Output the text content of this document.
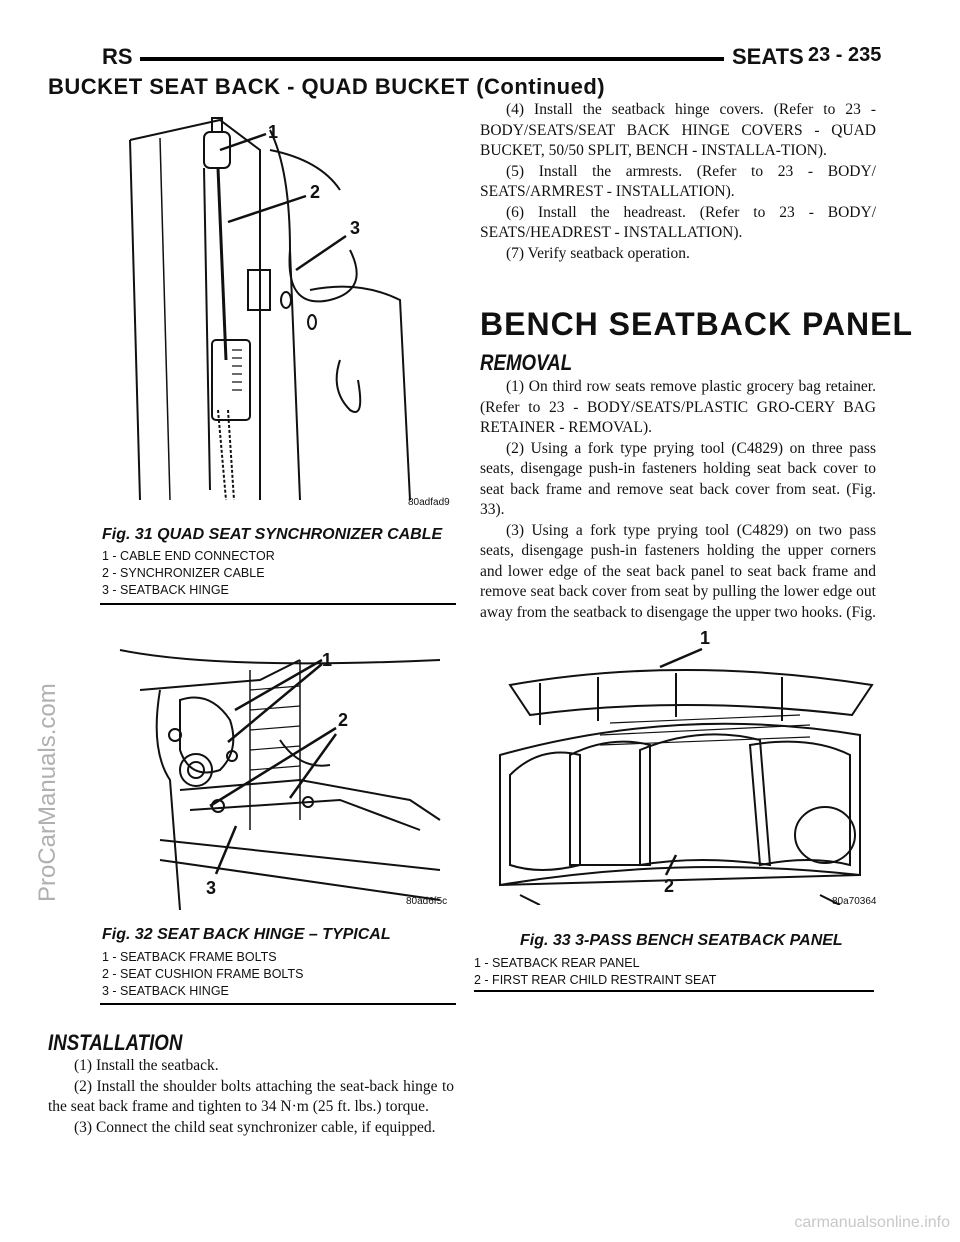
RS	SEATS 23 - 235
BUCKET SEAT BACK - QUAD BUCKET (Continued)
ProCarManuals.com
1
2
3
80adfad9
Fig. 31 QUAD SEAT SYNCHRONIZER CABLE
1 - CABLE END CONNECTOR
2 - SYNCHRONIZER CABLE
3 - SEATBACK HINGE
1
2
3
80ad6f5c
Fig. 32 SEAT BACK HINGE – TYPICAL
1 - SEATBACK FRAME BOLTS
2 - SEAT CUSHION FRAME BOLTS
3 - SEATBACK HINGE
INSTALLATION

(1) Install the seatback.

(2) Install the shoulder bolts attaching the seat-back hinge to the seat back frame and tighten to 34 N·m (25 ft. lbs.) torque.

(3) Connect the child seat synchronizer cable, if equipped.

(4) Install the seatback hinge covers. (Refer to 23 - BODY/SEATS/SEAT BACK HINGE COVERS - QUAD BUCKET, 50/50 SPLIT, BENCH - INSTALLA-TION).

(5) Install the armrests. (Refer to 23 - BODY/ SEATS/ARMREST - INSTALLATION).

(6) Install the headreast. (Refer to 23 - BODY/ SEATS/HEADREST - INSTALLATION).

(7) Verify seatback operation.

BENCH SEATBACK PANEL
REMOVAL

(1) On third row seats remove plastic grocery bag retainer. (Refer to 23 - BODY/SEATS/PLASTIC GRO-CERY BAG RETAINER - REMOVAL).

(2) Using a fork type prying tool (C4829) on three pass seats, disengage push-in fasteners holding seat back cover to seat back frame and remove seat back cover from seat. (Fig. 33).

(3) Using a fork type prying tool (C4829) on two pass seats, disengage push-in fasteners holding the upper corners and lower edge of the seat back panel to seat back frame and remove seat back cover from seat by pulling the lower edge out away from the seatback to disengage the upper two hooks. (Fig.

1
2
80a70364
Fig. 33 3-PASS BENCH SEATBACK PANEL
1 - SEATBACK REAR PANEL
2 - FIRST REAR CHILD RESTRAINT SEAT
carmanualsonline.info
